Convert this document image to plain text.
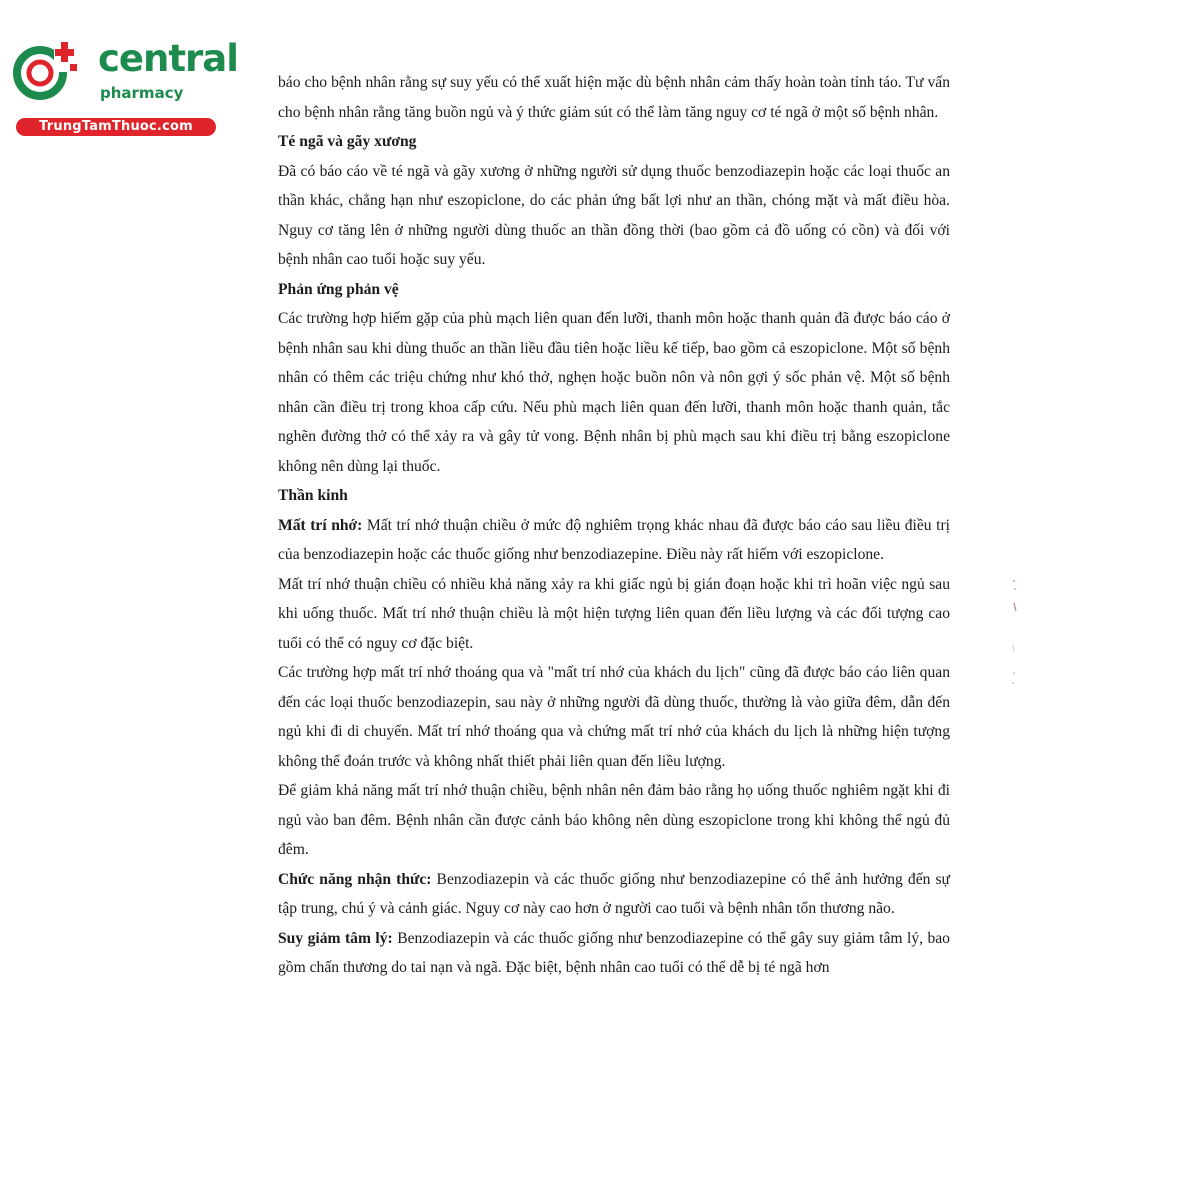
central
pharmacy
TrungTamThuoc.com

báo cho bệnh nhân rằng sự suy yếu có thể xuất hiện mặc dù bệnh nhân cảm thấy hoàn toàn tỉnh táo. Tư vấn cho bệnh nhân rằng tăng buồn ngủ và ý thức giảm sút có thể làm tăng nguy cơ té ngã ở một số bệnh nhân.

Té ngã và gãy xương

Đã có báo cáo về té ngã và gãy xương ở những người sử dụng thuốc benzodiazepin hoặc các loại thuốc an thần khác, chẳng hạn như eszopiclone, do các phản ứng bất lợi như an thần, chóng mặt và mất điều hòa. Nguy cơ tăng lên ở những người dùng thuốc an thần đồng thời (bao gồm cả đồ uống có cồn) và đối với bệnh nhân cao tuổi hoặc suy yếu.

Phản ứng phản vệ

Các trường hợp hiếm gặp của phù mạch liên quan đến lưỡi, thanh môn hoặc thanh quản đã được báo cáo ở bệnh nhân sau khi dùng thuốc an thần liều đầu tiên hoặc liều kế tiếp, bao gồm cả eszopiclone. Một số bệnh nhân có thêm các triệu chứng như khó thở, nghẹn hoặc buồn nôn và nôn gợi ý sốc phản vệ. Một số bệnh nhân cần điều trị trong khoa cấp cứu. Nếu phù mạch liên quan đến lưỡi, thanh môn hoặc thanh quản, tắc nghẽn đường thở có thể xảy ra và gây tử vong. Bệnh nhân bị phù mạch sau khi điều trị bằng eszopiclone không nên dùng lại thuốc.

Thần kinh

Mất trí nhớ: Mất trí nhớ thuận chiều ở mức độ nghiêm trọng khác nhau đã được báo cáo sau liều điều trị của benzodiazepin hoặc các thuốc giống như benzodiazepine. Điều này rất hiếm với eszopiclone.

Mất trí nhớ thuận chiều có nhiều khả năng xảy ra khi giấc ngủ bị gián đoạn hoặc khi trì hoãn việc ngủ sau khi uống thuốc. Mất trí nhớ thuận chiều là một hiện tượng liên quan đến liều lượng và các đối tượng cao tuổi có thể có nguy cơ đặc biệt.

Các trường hợp mất trí nhớ thoáng qua và "mất trí nhớ của khách du lịch" cũng đã được báo cáo liên quan đến các loại thuốc benzodiazepin, sau này ở những người đã dùng thuốc, thường là vào giữa đêm, dẫn đến ngủ khi đi di chuyển. Mất trí nhớ thoáng qua và chứng mất trí nhớ của khách du lịch là những hiện tượng không thể đoán trước và không nhất thiết phải liên quan đến liều lượng.

Để giảm khả năng mất trí nhớ thuận chiều, bệnh nhân nên đảm bảo rằng họ uống thuốc nghiêm ngặt khi đi ngủ vào ban đêm. Bệnh nhân cần được cảnh báo không nên dùng eszopiclone trong khi không thể ngủ đủ đêm.

Chức năng nhận thức: Benzodiazepin và các thuốc giống như benzodiazepine có thể ảnh hưởng đến sự tập trung, chú ý và cảnh giác. Nguy cơ này cao hơn ở người cao tuổi và bệnh nhân tổn thương não.

Suy giảm tâm lý: Benzodiazepin và các thuốc giống như benzodiazepine có thể gây suy giảm tâm lý, bao gồm chấn thương do tai nạn và ngã. Đặc biệt, bệnh nhân cao tuổi có thể dễ bị té ngã hơn
